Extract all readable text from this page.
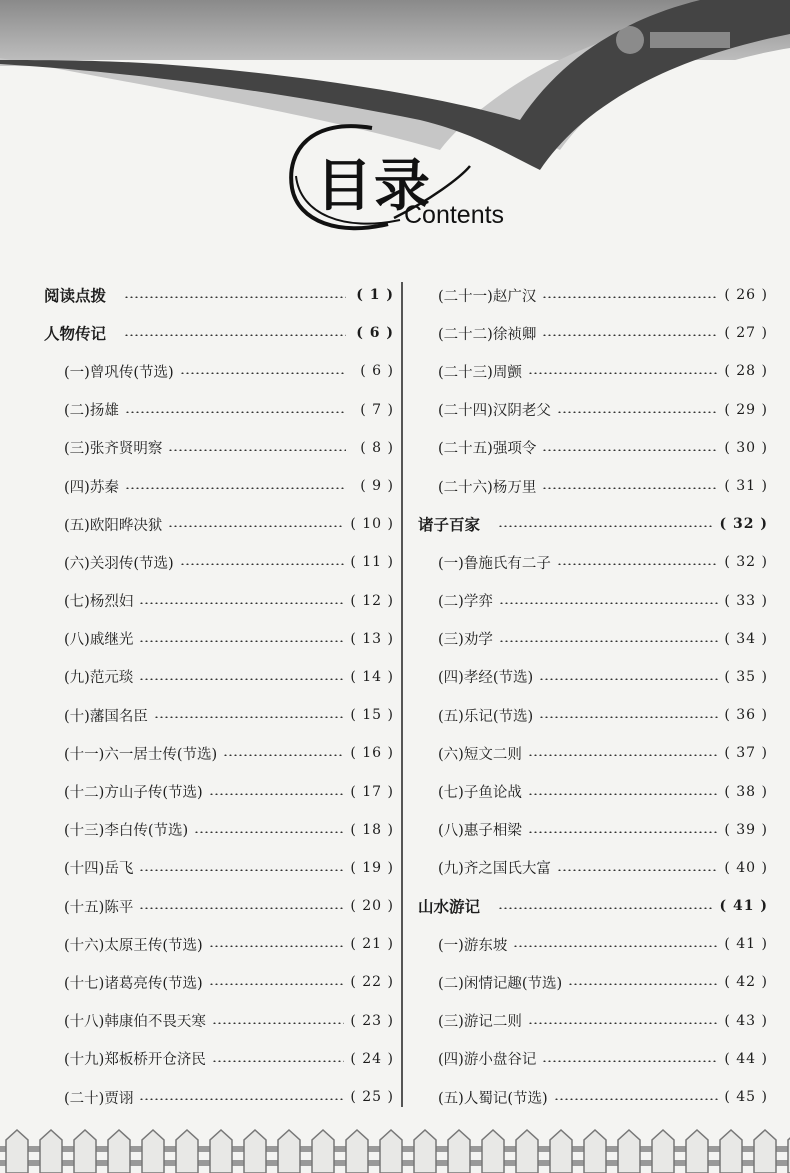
目录
Contents
阅读点拨	( 1 )
人物传记	( 6 )
(一)曾巩传(节选)	( 6 )
(二)扬雄	( 7 )
(三)张齐贤明察	( 8 )
(四)苏秦	( 9 )
(五)欧阳晔决狱	( 10 )
(六)关羽传(节选)	( 11 )
(七)杨烈妇	( 12 )
(八)戚继光	( 13 )
(九)范元琰	( 14 )
(十)藩国名臣	( 15 )
(十一)六一居士传(节选)	( 16 )
(十二)方山子传(节选)	( 17 )
(十三)李白传(节选)	( 18 )
(十四)岳飞	( 19 )
(十五)陈平	( 20 )
(十六)太原王传(节选)	( 21 )
(十七)诸葛亮传(节选)	( 22 )
(十八)韩康伯不畏天寒	( 23 )
(十九)郑板桥开仓济民	( 24 )
(二十)贾诩	( 25 )
(二十一)赵广汉	( 26 )
(二十二)徐祯卿	( 27 )
(二十三)周颤	( 28 )
(二十四)汉阴老父	( 29 )
(二十五)强项令	( 30 )
(二十六)杨万里	( 31 )
诸子百家	( 32 )
(一)鲁施氏有二子	( 32 )
(二)学弈	( 33 )
(三)劝学	( 34 )
(四)孝经(节选)	( 35 )
(五)乐记(节选)	( 36 )
(六)短文二则	( 37 )
(七)子鱼论战	( 38 )
(八)惠子相梁	( 39 )
(九)齐之国氏大富	( 40 )
山水游记	( 41 )
(一)游东坡	( 41 )
(二)闲情记趣(节选)	( 42 )
(三)游记二则	( 43 )
(四)游小盘谷记	( 44 )
(五)人蜀记(节选)	( 45 )
